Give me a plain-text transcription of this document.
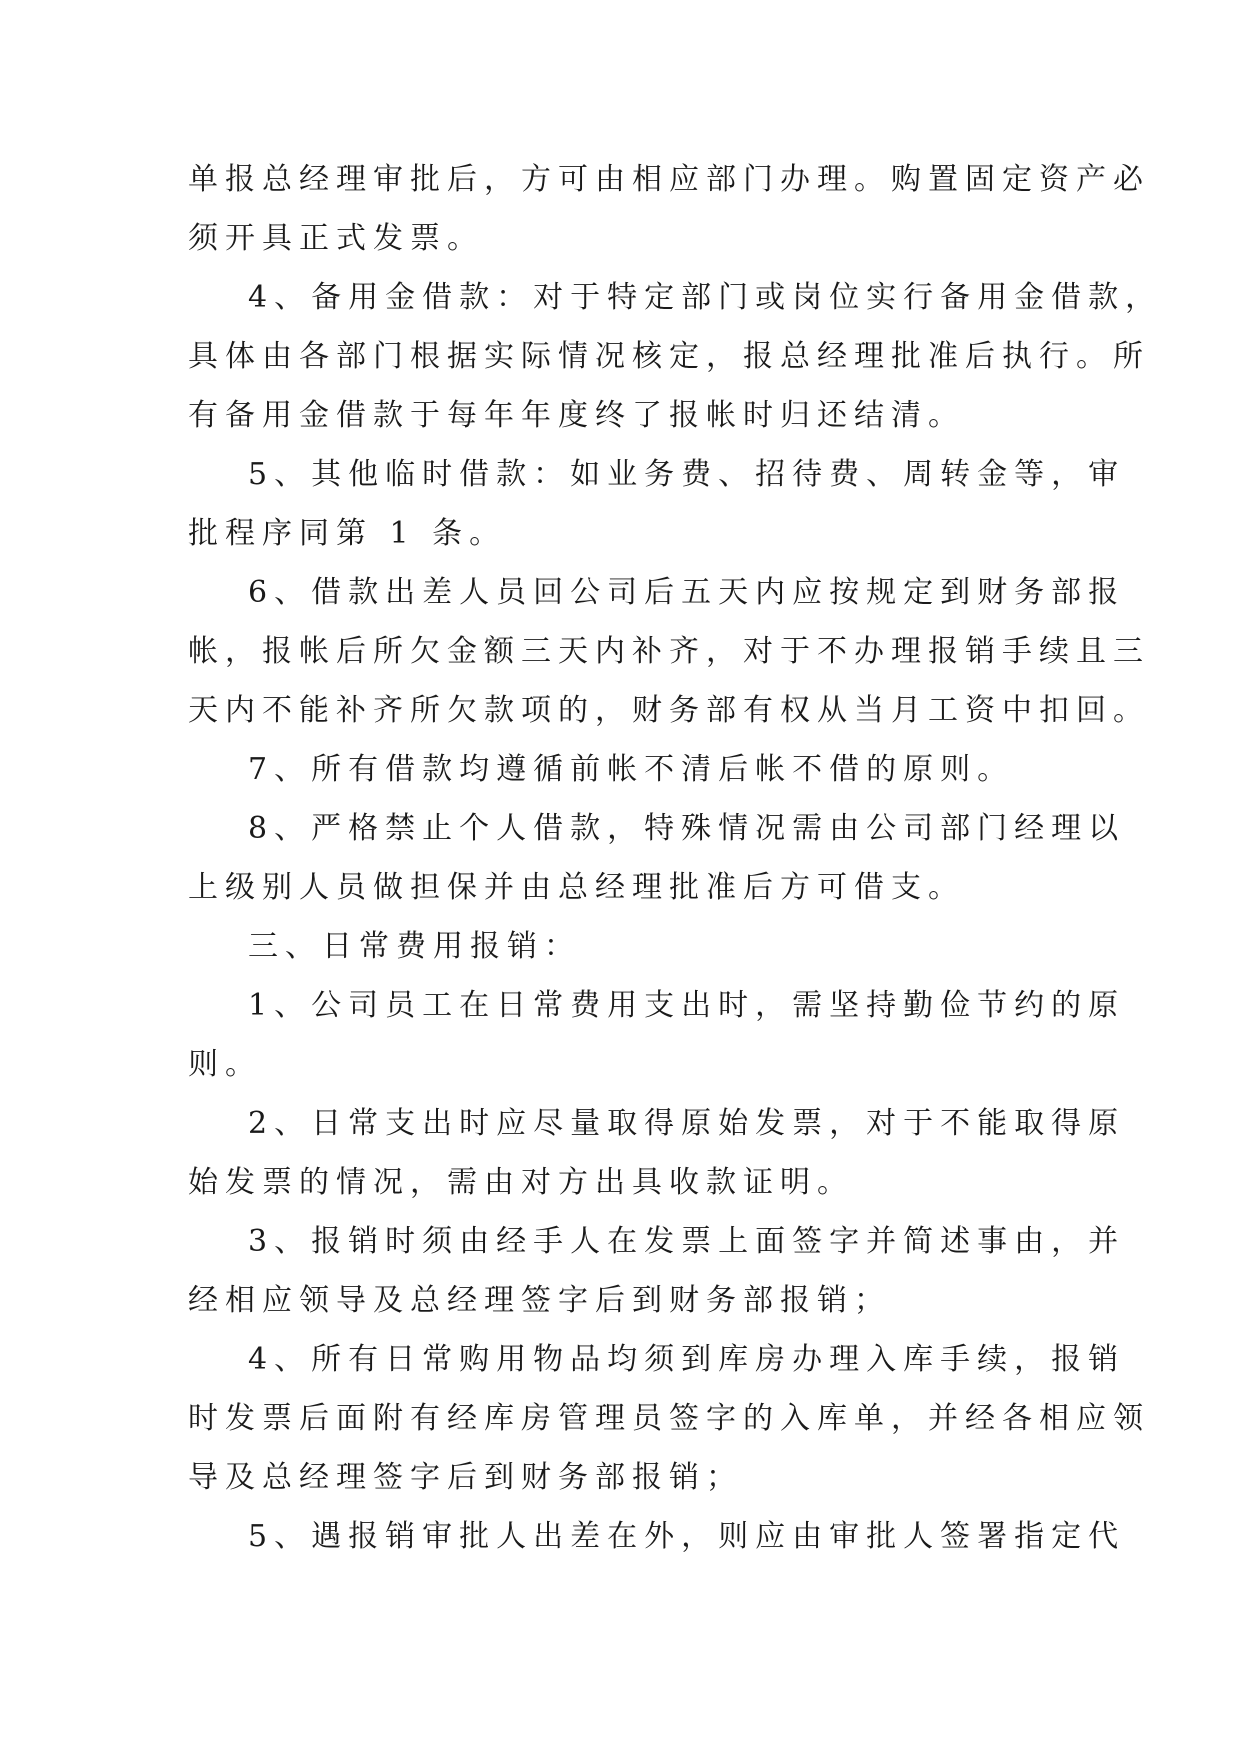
单报总经理审批后，方可由相应部门办理。购置固定资产必
须开具正式发票。
4、备用金借款：对于特定部门或岗位实行备用金借款，
具体由各部门根据实际情况核定，报总经理批准后执行。所
有备用金借款于每年年度终了报帐时归还结清。
5、其他临时借款：如业务费、招待费、周转金等，审
批程序同第 1 条。
6、借款出差人员回公司后五天内应按规定到财务部报
帐，报帐后所欠金额三天内补齐，对于不办理报销手续且三
天内不能补齐所欠款项的，财务部有权从当月工资中扣回。
7、所有借款均遵循前帐不清后帐不借的原则。
8、严格禁止个人借款，特殊情况需由公司部门经理以
上级别人员做担保并由总经理批准后方可借支。
三、日常费用报销：
1、公司员工在日常费用支出时，需坚持勤俭节约的原
则。
2、日常支出时应尽量取得原始发票，对于不能取得原
始发票的情况，需由对方出具收款证明。
3、报销时须由经手人在发票上面签字并简述事由，并
经相应领导及总经理签字后到财务部报销；
4、所有日常购用物品均须到库房办理入库手续，报销
时发票后面附有经库房管理员签字的入库单，并经各相应领
导及总经理签字后到财务部报销；
5、遇报销审批人出差在外，则应由审批人签署指定代
